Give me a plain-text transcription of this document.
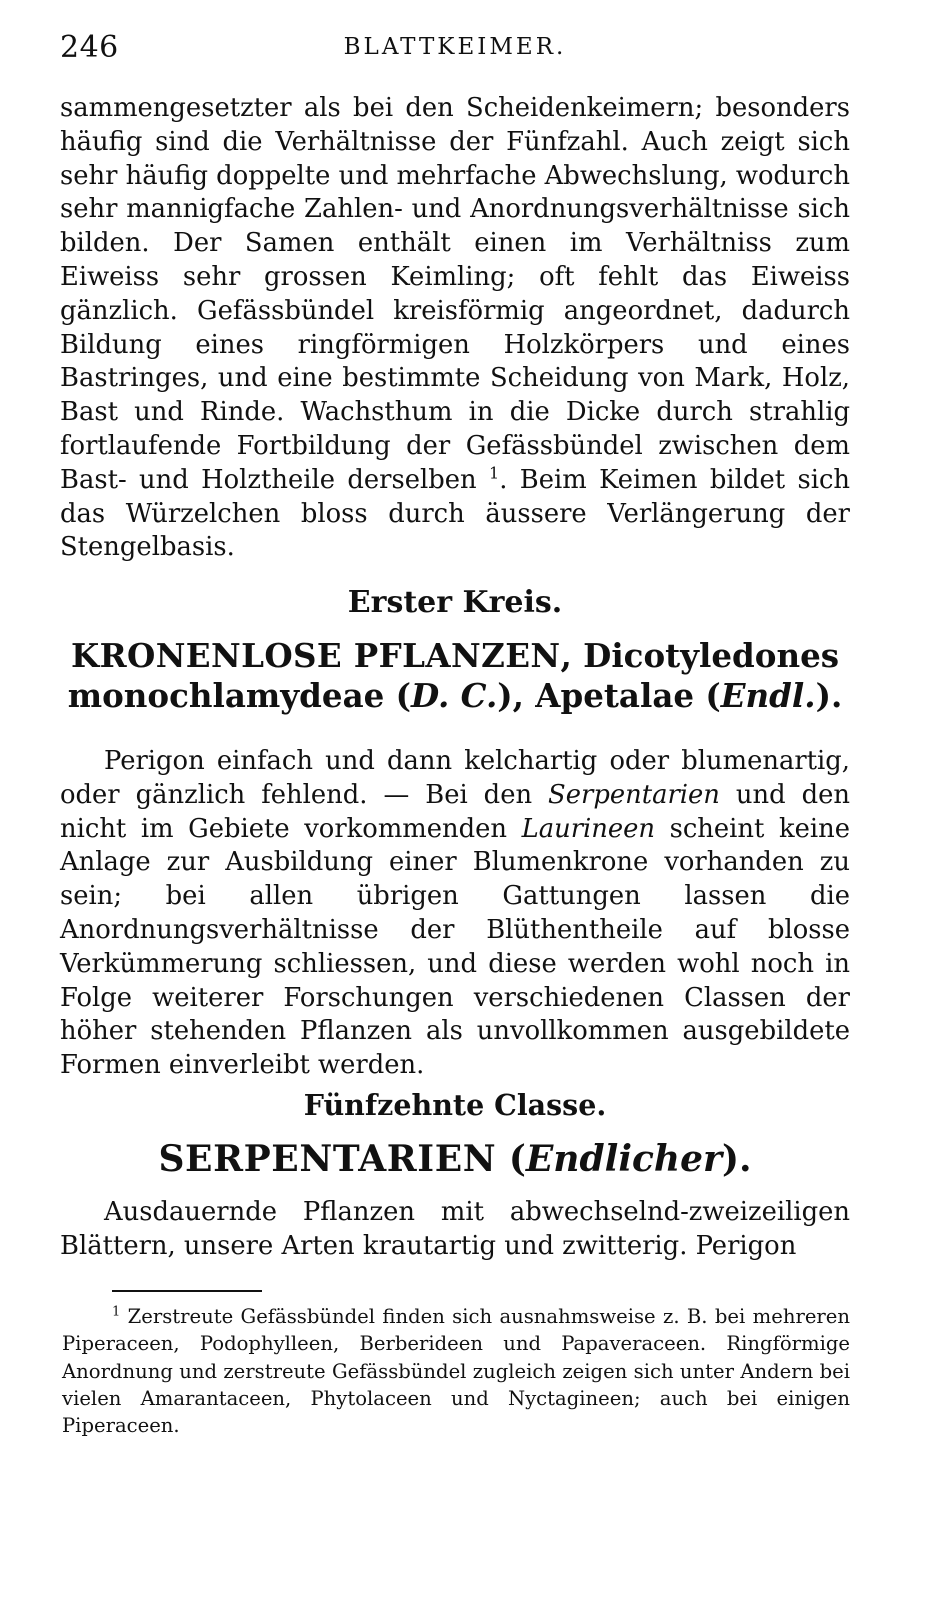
246	BLATTKEIMER.

sammengesetzter als bei den Scheidenkeimern; besonders häufig sind die Verhältnisse der Fünfzahl. Auch zeigt sich sehr häufig doppelte und mehrfache Abwechslung, wodurch sehr mannigfache Zahlen- und Anordnungsverhältnisse sich bilden. Der Samen enthält einen im Verhältniss zum Eiweiss sehr grossen Keimling; oft fehlt das Eiweiss gänzlich. Gefässbündel kreisförmig angeordnet, dadurch Bildung eines ringförmigen Holzkörpers und eines Bastringes, und eine bestimmte Scheidung von Mark, Holz, Bast und Rinde. Wachsthum in die Dicke durch strahlig fortlaufende Fortbildung der Gefässbündel zwischen dem Bast- und Holztheile derselben $^1$. Beim Keimen bildet sich das Würzelchen bloss durch äussere Verlängerung der Stengelbasis.

Erster Kreis.
KRONENLOSE PFLANZEN, Dicotyledones monochlamydeae (D. C.), Apetalae (Endl.).

Perigon einfach und dann kelchartig oder blumenartig, oder gänzlich fehlend. — Bei den Serpentarien und den nicht im Gebiete vorkommenden Laurineen scheint keine Anlage zur Ausbildung einer Blumenkrone vorhanden zu sein; bei allen übrigen Gattungen lassen die Anordnungsverhältnisse der Blüthentheile auf blosse Verkümmerung schliessen, und diese werden wohl noch in Folge weiterer Forschungen verschiedenen Classen der höher stehenden Pflanzen als unvollkommen ausgebildete Formen einverleibt werden.

Fünfzehnte Classe.
SERPENTARIEN (Endlicher).

Ausdauernde Pflanzen mit abwechselnd-zweizeiligen Blättern, unsere Arten krautartig und zwitterig. Perigon

$^1$ Zerstreute Gefässbündel finden sich ausnahmsweise z. B. bei mehreren Piperaceen, Podophylleen, Berberideen und Papaveraceen. Ringförmige Anordnung und zerstreute Gefässbündel zugleich zeigen sich unter Andern bei vielen Amarantaceen, Phytolaceen und Nyctagineen; auch bei einigen Piperaceen.
